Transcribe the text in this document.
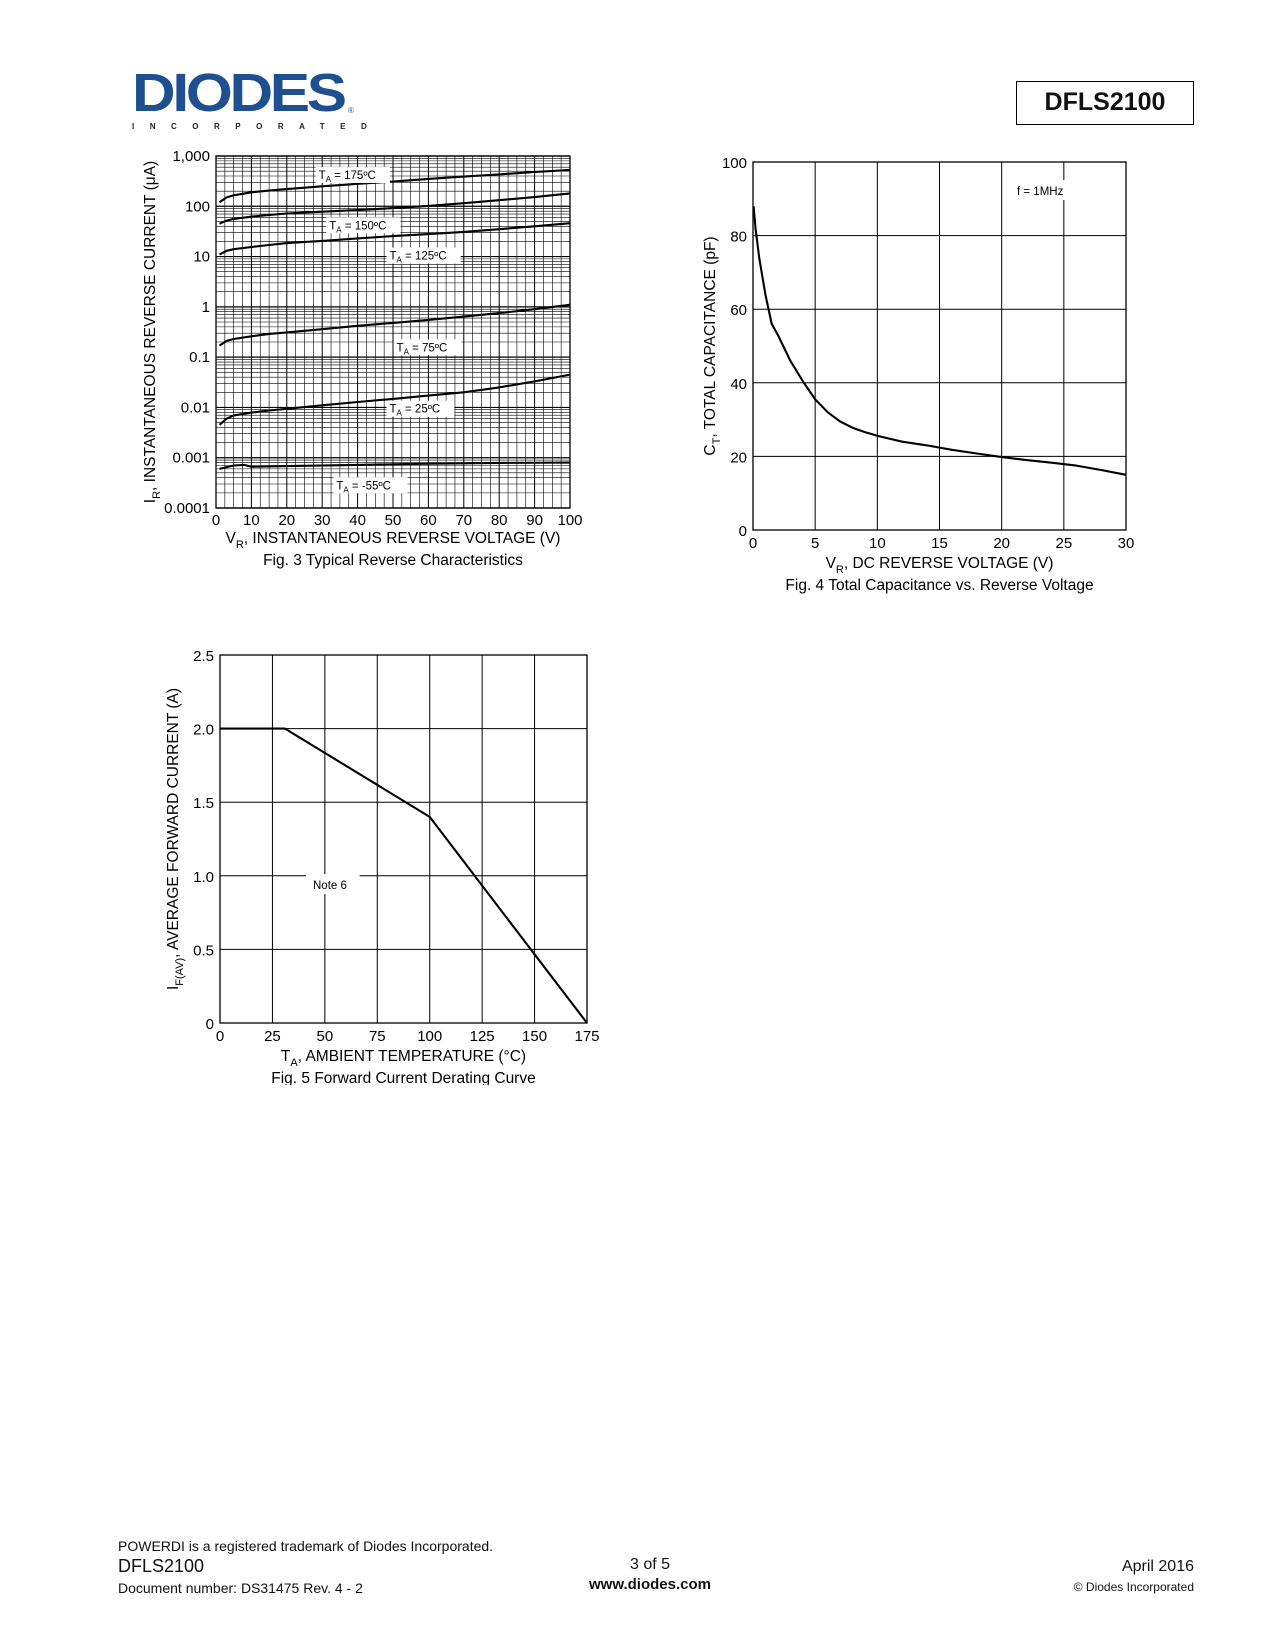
DIODES ®
INCORPORATED
DFLS2100
$T_A$ = 175ºC
$T_A$ = 150ºC
$T_A$ = 125ºC
$T_A$ = 75ºC
$T_A$ = 25ºC
$T_A$ = -55ºC
0 10 20 30 40 50 60 70 80 90 100
0.0001
0.001
0.01
0.1
1
10
100
1,000
$I_R$, INSTANTANEOUS REVERSE CURRENT (μA)
$V_R$, INSTANTANEOUS REVERSE VOLTAGE (V)
Fig. 3 Typical Reverse Characteristics
0	5	10	15	20	25	30
0
20
40
60
80
100
f = 1MHz
$C_T$, TOTAL CAPACITANCE (pF)
$V_R$, DC REVERSE VOLTAGE (V)
Fig. 4 Total Capacitance vs. Reverse Voltage
0	25 50 75 100 125 150 175
0
0.5
1.0
1.5
2.0
2.5
Note 6
$I_{F(AV)}$, AVERAGE FORWARD CURRENT (A)
$T_A$, AMBIENT TEMPERATURE (°C)
Fig. 5 Forward Current Derating Curve
POWERDI is a registered trademark of Diodes Incorporated.
DFLS2100
Document number: DS31475 Rev. 4 - 2
3 of 5
www.diodes.com
April 2016
© Diodes Incorporated
